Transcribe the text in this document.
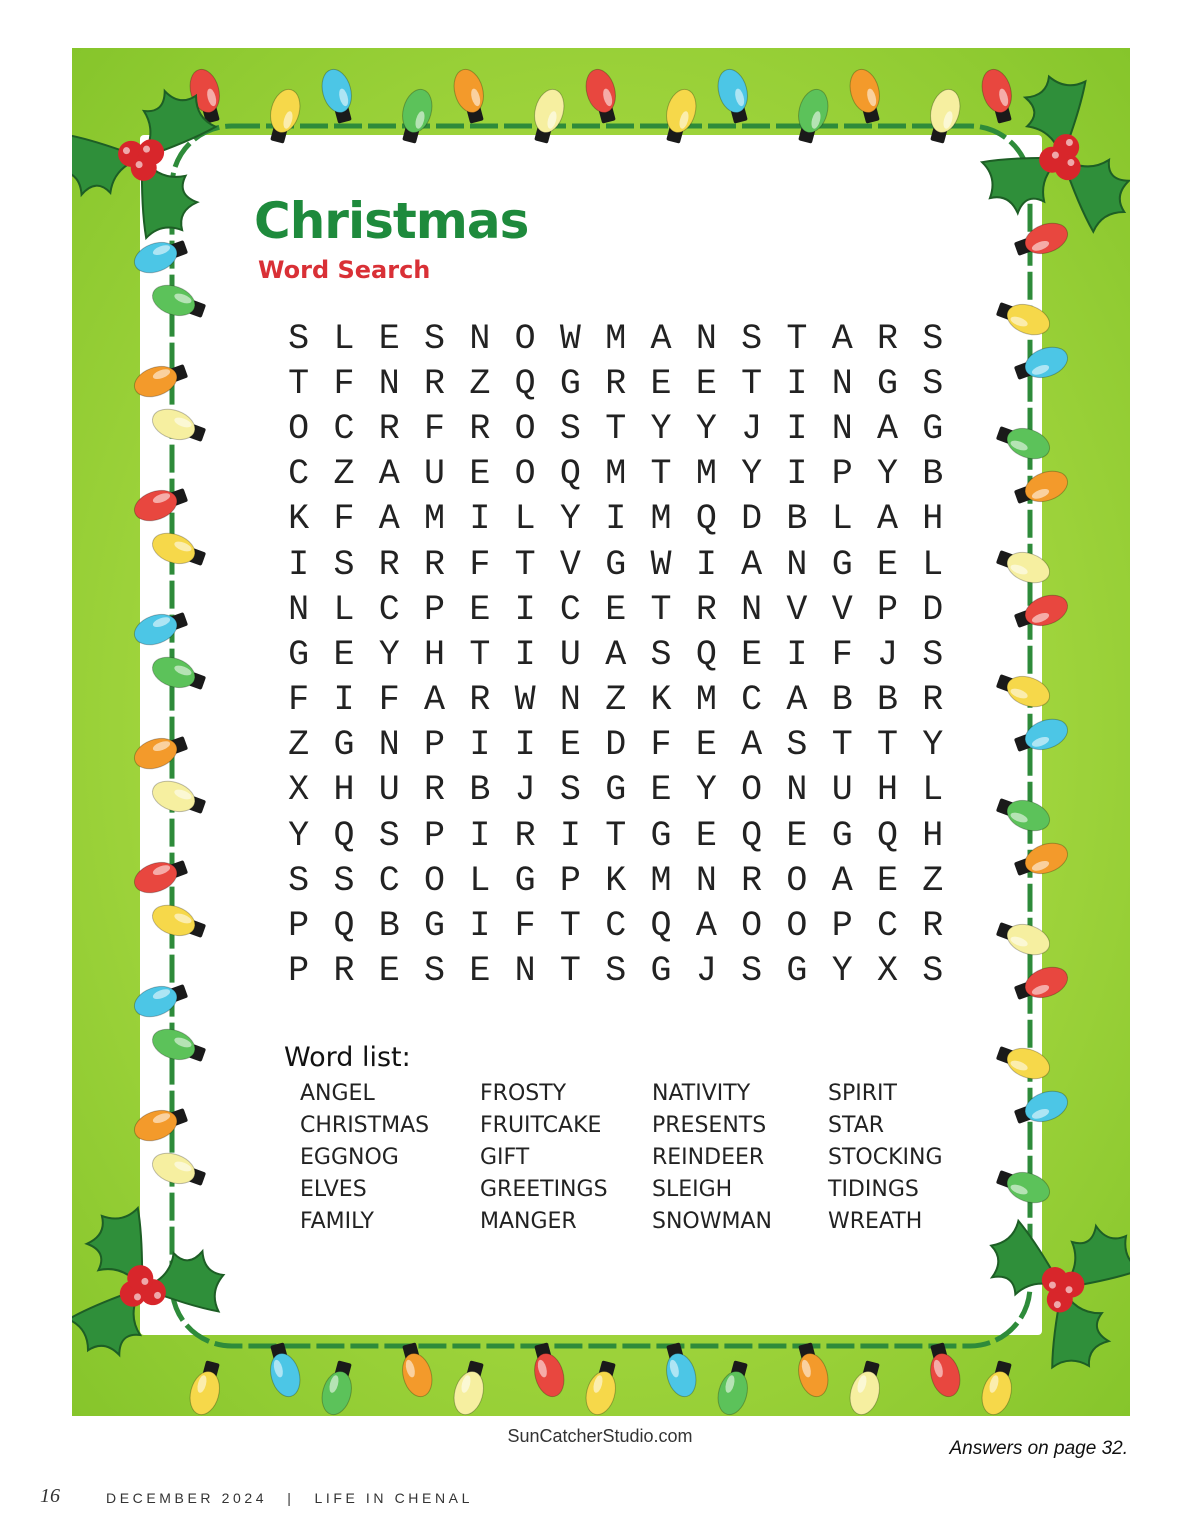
Christmas
Word Search
S L E S N O W M A N S T A R S
T F N R Z Q G R E E T I N G S
O C R F R O S T Y Y J I N A G
C Z A U E O Q M T M Y I P Y B
K F A M I L Y I M Q D B L A H
I S R R F T V G W I A N G E L
N L C P E I C E T R N V V P D
G E Y H T I U A S Q E I F J S
F I F A R W N Z K M C A B B R
Z G N P I I E D F E A S T T Y
X H U R B J S G E Y O N U H L
Y Q S P I R I T G E Q E G Q H
S S C O L G P K M N R O A E Z
P Q B G I F T C Q A O O P C R
P R E S E N T S G J S G Y X S
Word list:
ANGEL
CHRISTMAS
EGGNOG
ELVES
FAMILY
FROSTY
FRUITCAKE
GIFT
GREETINGS
MANGER
NATIVITY
PRESENTS
REINDEER
SLEIGH
SNOWMAN
SPIRIT
STAR
STOCKING
TIDINGS
WREATH
SunCatcherStudio.com
Answers on page 32.
16	DECEMBER 2024 | LIFE IN CHENAL
